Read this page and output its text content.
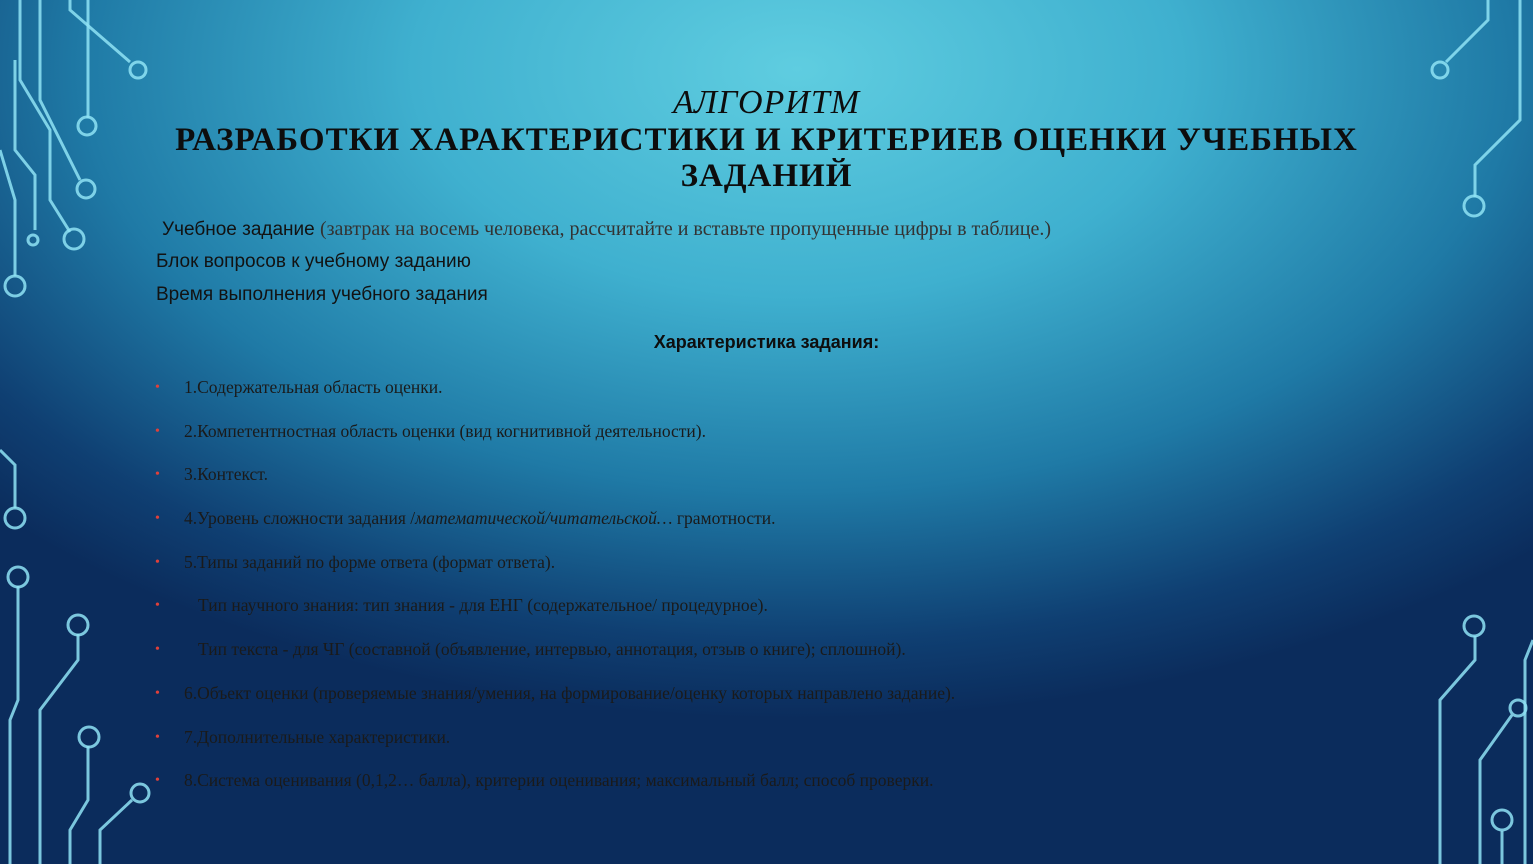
АЛГОРИТМ
РАЗРАБОТКИ ХАРАКТЕРИСТИКИ И КРИТЕРИЕВ ОЦЕНКИ УЧЕБНЫХ ЗАДАНИЙ
Учебное задание (завтрак на восемь человека, рассчитайте и вставьте пропущенные цифры в таблице.)
Блок вопросов к учебному заданию
Время выполнения учебного задания
Характеристика задания:
• 1.Содержательная область оценки.
• 2.Компетентностная область оценки (вид когнитивной деятельности).
• 3.Контекст.
• 4.Уровень сложности задания /математической/читательской… грамотности.
• 5.Типы заданий по форме ответа (формат ответа).
• Тип научного знания: тип знания - для ЕНГ (содержательное/ процедурное).
• Тип текста - для ЧГ (составной (объявление, интервью, аннотация, отзыв о книге); сплошной).
• 6.Объект оценки (проверяемые знания/умения, на формирование/оценку которых направлено задание).
• 7.Дополнительные характеристики.
• 8.Система оценивания (0,1,2… балла), критерии оценивания; максимальный балл; способ проверки.
